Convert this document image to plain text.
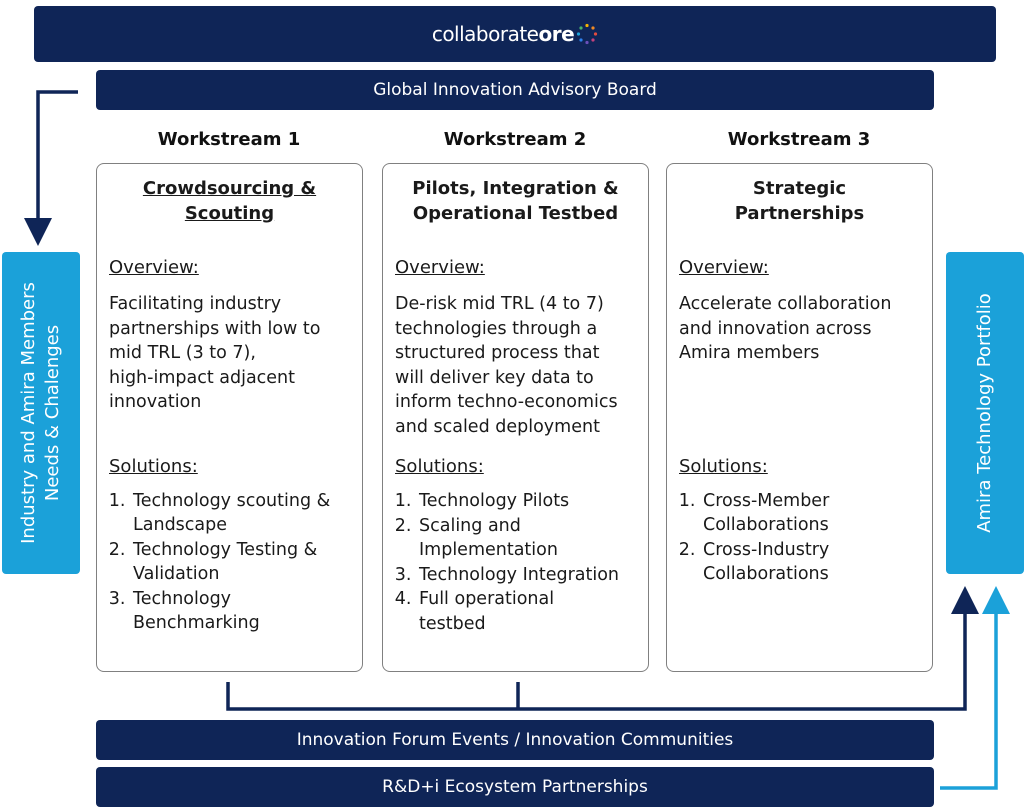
collaborateore
Global Innovation Advisory Board
Workstream 1	Workstream 2	Workstream 3
Crowdsourcing &
Scouting
Overview:
Facilitating industry
partnerships with low to
mid TRL (3 to 7),
high-impact adjacent
innovation
Solutions:
1. Technology scouting &
Landscape
2. Technology Testing &
Validation
3. Technology
Benchmarking
Pilots, Integration &
Operational Testbed
Overview:
De-risk mid TRL (4 to 7)
technologies through a
structured process that
will deliver key data to
inform techno-economics
and scaled deployment
Solutions:
1. Technology Pilots
2. Scaling and
Implementation
3. Technology Integration
4. Full operational
testbed
Strategic
Partnerships
Overview:
Accelerate collaboration
and innovation across
Amira members
Solutions:
1. Cross-Member
Collaborations
2. Cross-Industry
Collaborations
Industry and Amira Members Needs & Chalenges	Amira Technology Portfolio
Innovation Forum Events / Innovation Communities
R&D+i Ecosystem Partnerships
